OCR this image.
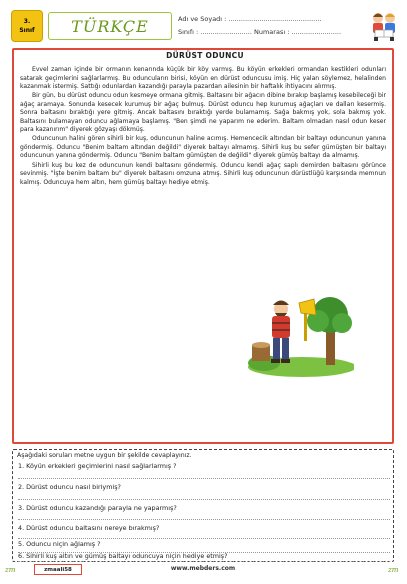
3.
Sınıf	TÜRKÇE	Adı ve Soyadı : .............................................
Sınıfı : ......................... Numarası : ........................
DÜRÜST ODUNCU

Evvel zaman içinde bir ormanın kenarında küçük bir köy varmış. Bu köyün erkekleri ormandan kestikleri odunları satarak geçimlerini sağlarlarmış. Bu oduncuların birisi, köyün en dürüst oduncusu imiş. Hiç yalan söylemez, helalinden kazanmak istermiş. Sattığı odunlardan kazandığı parayla pazardan ailesinin bir haftalık ihtiyacını alırmış.

Bir gün, bu dürüst oduncu odun kesmeye ormana gitmiş. Baltasını bir ağacın dibine bırakıp başlamış kesebileceği bir ağaç aramaya. Sonunda kesecek kurumuş bir ağaç bulmuş. Dürüst oduncu hep kurumuş ağaçları ve dalları kesermiş. Sonra baltasını bıraktığı yere gitmiş. Ancak baltasını bıraktığı yerde bulamamış. Sağa bakmış yok, sola bakmış yok. Baltasını bulamayan oduncu ağlamaya başlamış. "Ben şimdi ne yaparım ne ederim. Baltam olmadan nasıl odun keser para kazanırım" diyerek gözyaşı dökmüş.

Oduncunun halini gören sihirli bir kuş, oduncunun haline acımış. Hemencecik altından bir baltayı oduncunun yanına göndermiş. Oduncu "Benim baltam altından değildi" diyerek baltayı almamış. Sihirli kuş bu sefer gümüşten bir baltayı oduncunun yanına göndermiş. Oduncu "Benim baltam gümüşten de değildi" diyerek gümüş baltayı da almamış.

Sihirli kuş bu kez de oduncunun kendi baltasını göndermiş. Oduncu kendi ağaç saplı demirden baltasını görünce sevinmiş. "İşte benim baltam bu" diyerek baltasını omzuna atmış. Sihirli kuş oduncunun dürüstlüğü karşısında memnun kalmış. Oduncuya hem altın, hem gümüş baltayı hediye etmiş.

Aşağıdaki soruları metne uygun bir şekilde cevaplayınız.
1. Köyün erkekleri geçimlerini nasıl sağlarlarmış ?
2. Dürüst oduncu nasıl biriymiş?
3. Dürüst oduncu kazandığı parayla ne yaparmış?
4. Dürüst oduncu baltasını nereye bırakmış?
5. Oduncu niçin ağlamış ?
6. Sihirli kuş altın ve gümüş baltayı oduncuya niçin hediye etmiş?
zm	zmaali58	www.mebders.com	zm
